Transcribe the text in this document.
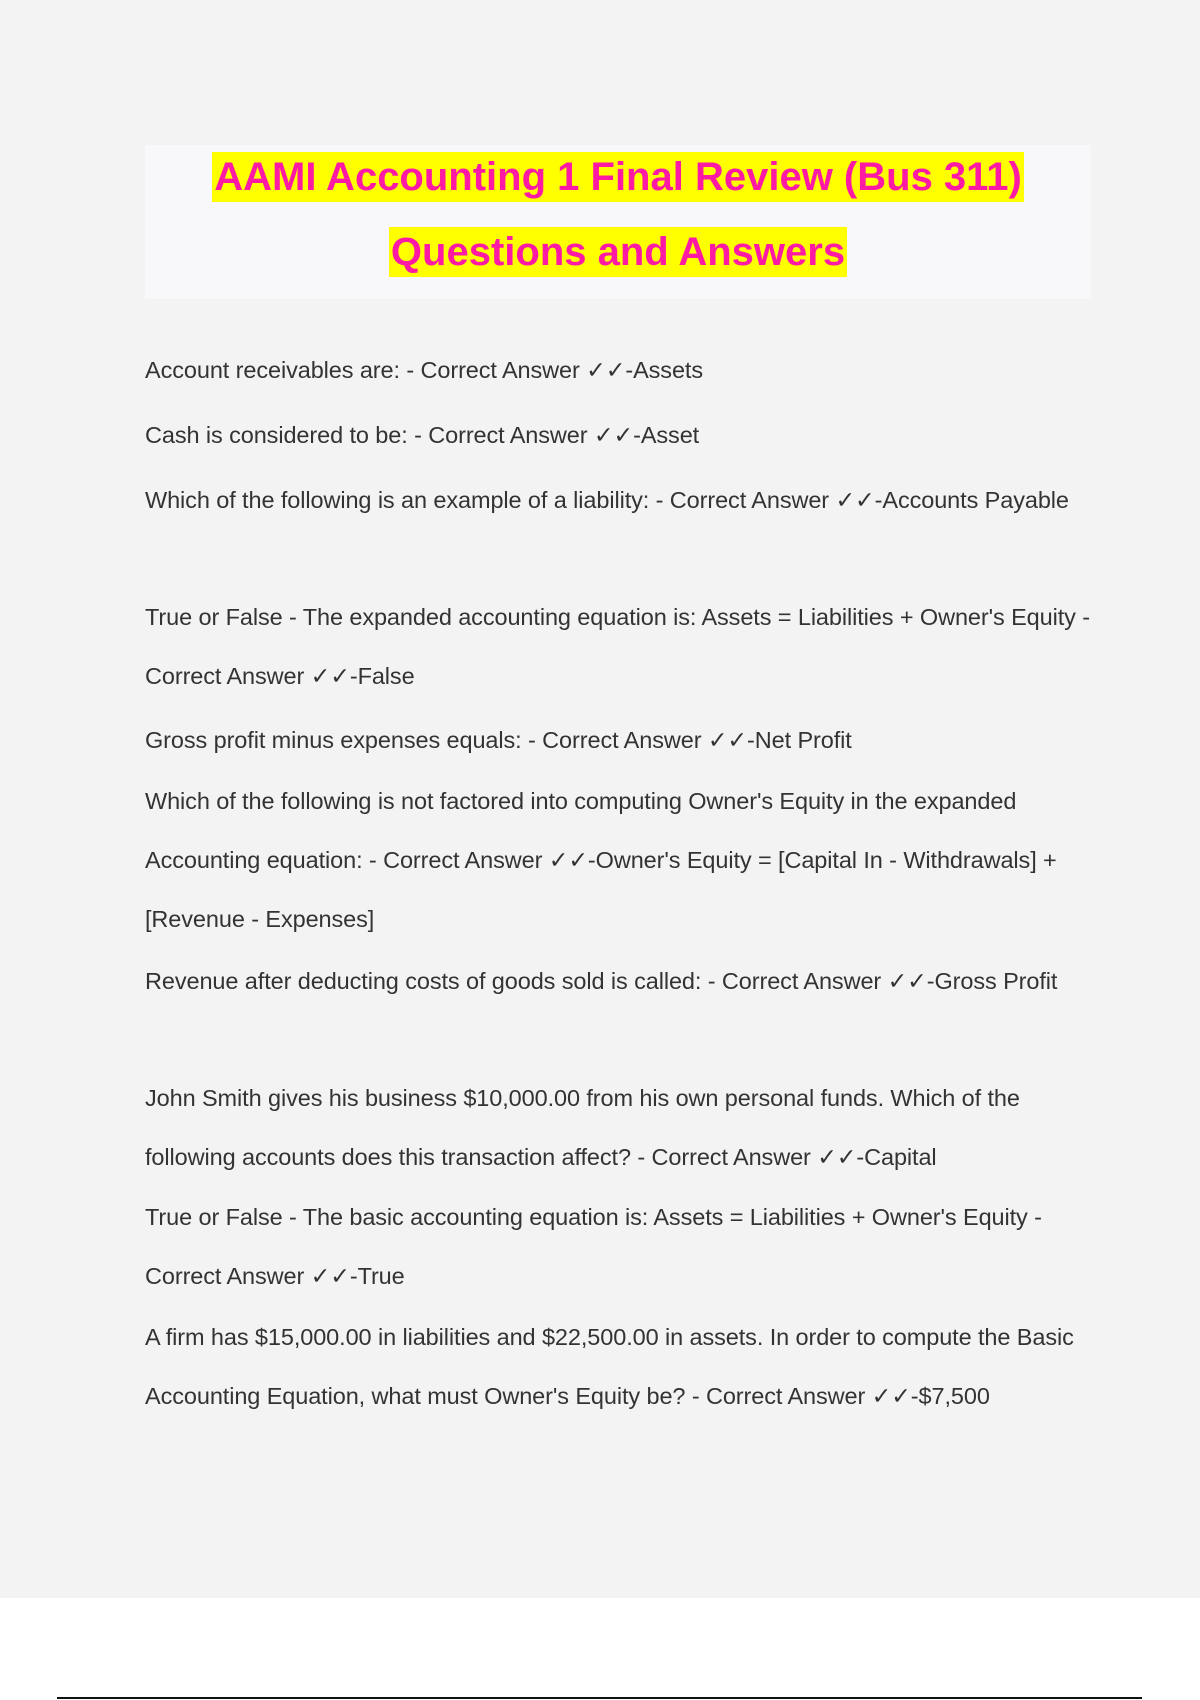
AAMI Accounting 1 Final Review (Bus 311)
Questions and Answers

Account receivables are: - Correct Answer ✓✓-Assets

Cash is considered to be: - Correct Answer ✓✓-Asset

Which of the following is an example of a liability: - Correct Answer ✓✓-Accounts Payable

True or False - The expanded accounting equation is: Assets = Liabilities + Owner's Equity - Correct Answer ✓✓-False

Gross profit minus expenses equals: - Correct Answer ✓✓-Net Profit

Which of the following is not factored into computing Owner's Equity in the expanded Accounting equation: - Correct Answer ✓✓-Owner's Equity = [Capital In - Withdrawals] + [Revenue - Expenses]

Revenue after deducting costs of goods sold is called: - Correct Answer ✓✓-Gross Profit

John Smith gives his business $10,000.00 from his own personal funds. Which of the following accounts does this transaction affect? - Correct Answer ✓✓-Capital

True or False - The basic accounting equation is: Assets = Liabilities + Owner's Equity - Correct Answer ✓✓-True

A firm has $15,000.00 in liabilities and $22,500.00 in assets. In order to compute the Basic Accounting Equation, what must Owner's Equity be? - Correct Answer ✓✓-$7,500
